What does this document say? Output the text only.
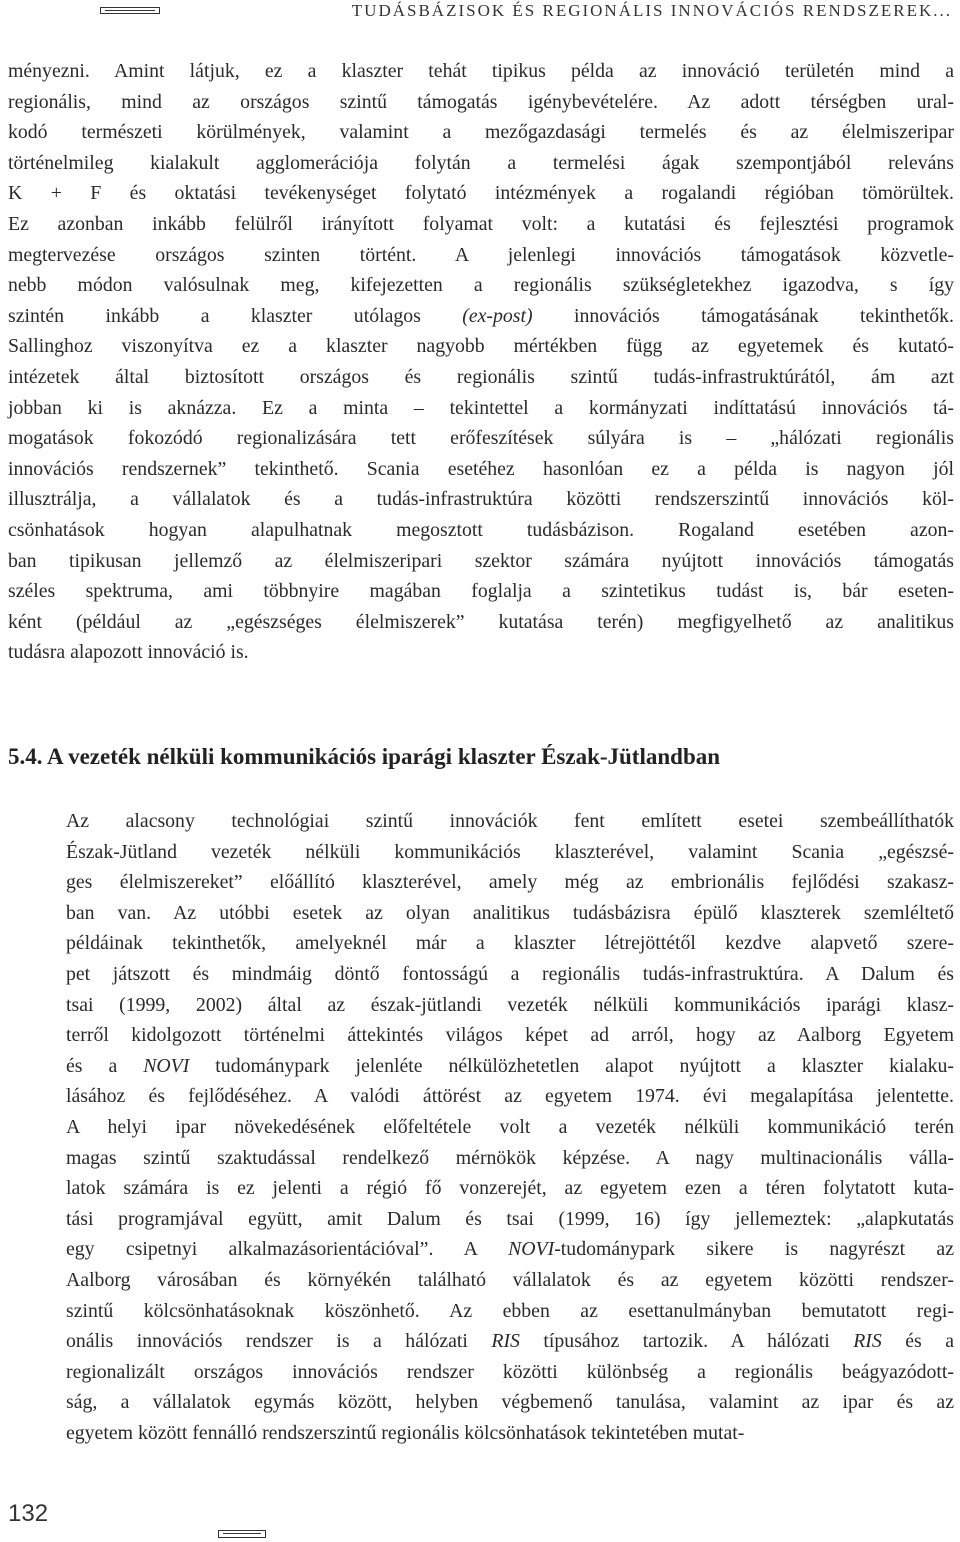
TUDÁSBÁZISOK ÉS REGIONÁLIS INNOVÁCIÓS RENDSZEREK...
ményezni. Amint látjuk, ez a klaszter tehát tipikus példa az innováció területén mind a
regionális, mind az országos szintű támogatás igénybevételére. Az adott térségben ural-
kodó természeti körülmények, valamint a mezőgazdasági termelés és az élelmiszeripar
történelmileg kialakult agglomerációja folytán a termelési ágak szempontjából releváns
K + F és oktatási tevékenységet folytató intézmények a rogalandi régióban tömörültek.
Ez azonban inkább felülről irányított folyamat volt: a kutatási és fejlesztési programok
megtervezése országos szinten történt. A jelenlegi innovációs támogatások közvetle-
nebb módon valósulnak meg, kifejezetten a regionális szükségletekhez igazodva, s így
szintén inkább a klaszter utólagos (ex-post) innovációs támogatásának tekinthetők.
Sallinghoz viszonyítva ez a klaszter nagyobb mértékben függ az egyetemek és kutató-
intézetek által biztosított országos és regionális szintű tudás-infrastruktúrától, ám azt
jobban ki is aknázza. Ez a minta – tekintettel a kormányzati indíttatású innovációs tá-
mogatások fokozódó regionalizására tett erőfeszítések súlyára is – „hálózati regionális
innovációs rendszernek” tekinthető. Scania esetéhez hasonlóan ez a példa is nagyon jól
illusztrálja, a vállalatok és a tudás-infrastruktúra közötti rendszerszintű innovációs köl-
csönhatások hogyan alapulhatnak megosztott tudásbázison. Rogaland esetében azon-
ban tipikusan jellemző az élelmiszeripari szektor számára nyújtott innovációs támogatás
széles spektruma, ami többnyire magában foglalja a szintetikus tudást is, bár eseten-
ként (például az „egészséges élelmiszerek” kutatása terén) megfigyelhető az analitikus
tudásra alapozott innováció is.
5.4. A vezeték nélküli kommunikációs iparági klaszter Észak-Jütlandban
Az alacsony technológiai szintű innovációk fent említett esetei szembeállíthatók
Észak-Jütland vezeték nélküli kommunikációs klaszterével, valamint Scania „egészsé-
ges élelmiszereket” előállító klaszterével, amely még az embrionális fejlődési szakasz-
ban van. Az utóbbi esetek az olyan analitikus tudásbázisra épülő klaszterek szemléltető
példáinak tekinthetők, amelyeknél már a klaszter létrejöttétől kezdve alapvető szere-
pet játszott és mindmáig döntő fontosságú a regionális tudás-infrastruktúra. A Dalum és
tsai (1999, 2002) által az észak-jütlandi vezeték nélküli kommunikációs iparági klasz-
terről kidolgozott történelmi áttekintés világos képet ad arról, hogy az Aalborg Egyetem
és a NOVI tudománypark jelenléte nélkülözhetetlen alapot nyújtott a klaszter kialaku-
lásához és fejlődéséhez. A valódi áttörést az egyetem 1974. évi megalapítása jelentette.
A helyi ipar növekedésének előfeltétele volt a vezeték nélküli kommunikáció terén
magas szintű szaktudással rendelkező mérnökök képzése. A nagy multinacionális válla-
latok számára is ez jelenti a régió fő vonzerejét, az egyetem ezen a téren folytatott kuta-
tási programjával együtt, amit Dalum és tsai (1999, 16) így jellemeztek: „alapkutatás
egy csipetnyi alkalmazásorientációval”. A NOVI-tudománypark sikere is nagyrészt az
Aalborg városában és környékén található vállalatok és az egyetem közötti rendszer-
szintű kölcsönhatásoknak köszönhető. Az ebben az esettanulmányban bemutatott regi-
onális innovációs rendszer is a hálózati RIS típusához tartozik. A hálózati RIS és a
regionalizált országos innovációs rendszer közötti különbség a regionális beágyazódott-
ság, a vállalatok egymás között, helyben végbemenő tanulása, valamint az ipar és az
egyetem között fennálló rendszerszintű regionális kölcsönhatások tekintetében mutat-
132
